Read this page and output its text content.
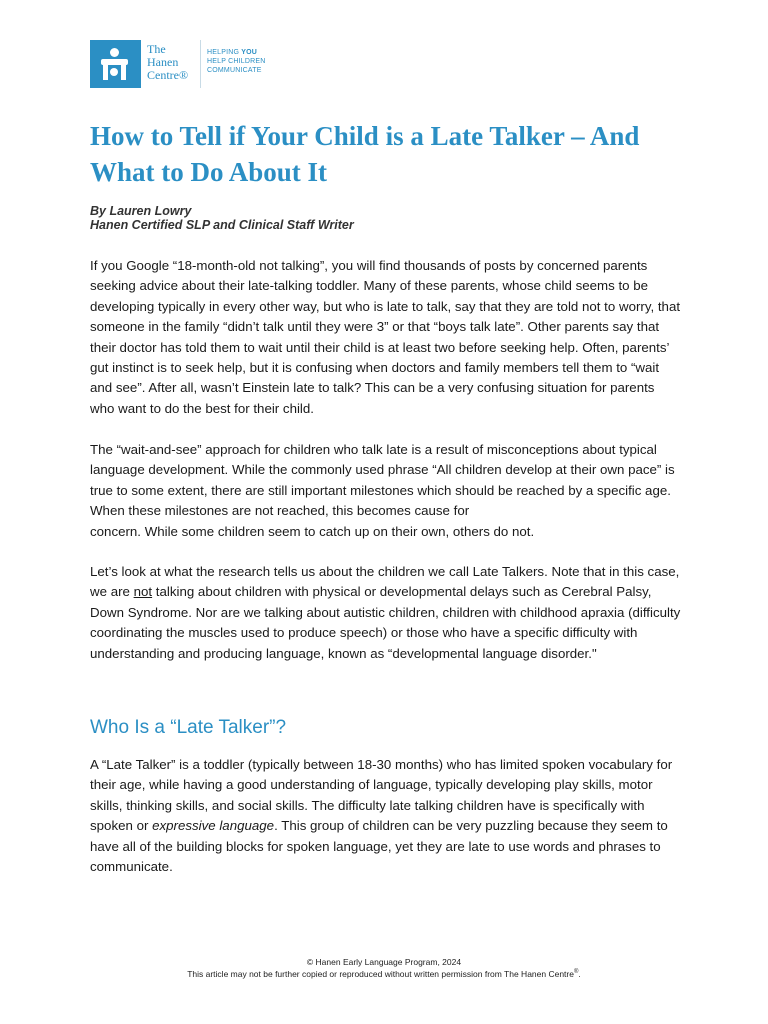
The
Hanen
Centre®
HELPING YOU
HELP CHILDREN
COMMUNICATE
How to Tell if Your Child is a Late Talker – And What to Do About It
By Lauren Lowry
Hanen Certified SLP and Clinical Staff Writer

If you Google “18-month-old not talking”, you will find thousands of posts by concerned parents seeking advice about their late-talking toddler. Many of these parents, whose child seems to be developing typically in every other way, but who is late to talk, say that they are told not to worry, that someone in the family “didn’t talk until they were 3” or that “boys talk late”. Other parents say that their doctor has told them to wait until their child is at least two before seeking help. Often, parents’ gut instinct is to seek help, but it is confusing when doctors and family members tell them to “wait and see”. After all, wasn’t Einstein late to talk? This can be a very confusing situation for parents who want to do the best for their child.

The “wait-and-see” approach for children who talk late is a result of misconceptions about typical language development. While the commonly used phrase “All children develop at their own pace” is true to some extent, there are still important milestones which should be reached by a specific age. When these milestones are not reached, this becomes cause for
concern. While some children seem to catch up on their own, others do not.

Let’s look at what the research tells us about the children we call Late Talkers. Note that in this case, we are not talking about children with physical or developmental delays such as Cerebral Palsy, Down Syndrome. Nor are we talking about autistic children, children with childhood apraxia (difficulty coordinating the muscles used to produce speech) or those who have a specific difficulty with understanding and producing language, known as “developmental language disorder."

Who Is a “Late Talker”?

A “Late Talker” is a toddler (typically between 18-30 months) who has limited spoken vocabulary for their age, while having a good understanding of language, typically developing play skills, motor skills, thinking skills, and social skills. The difficulty late talking children have is specifically with spoken or expressive language. This group of children can be very puzzling because they seem to have all of the building blocks for spoken language, yet they are late to use words and phrases to communicate.

© Hanen Early Language Program, 2024
This article may not be further copied or reproduced without written permission from The Hanen Centre®.
